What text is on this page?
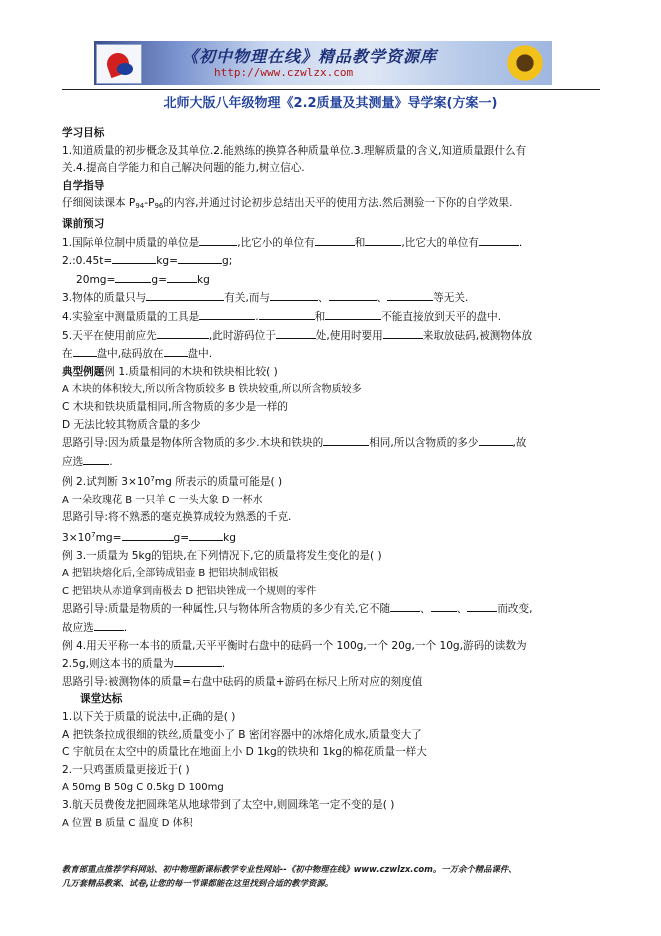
《初中物理在线》精品教学资源库
http://www.czwlzx.com
北师大版八年级物理《2.2质量及其测量》导学案(方案一)
学习目标
1.知道质量的初步概念及其单位.2.能熟练的换算各种质量单位.3.理解质量的含义,知道质量跟什么有
关.4.提高自学能力和自己解决问题的能力,树立信心.
自学指导
仔细阅读课本 $P_{94}-P_{96}$的内容,并通过讨论初步总结出天平的使用方法.然后测验一下你的自学效果.
课前预习
1.国际单位制中质量的单位是	,比它小的单位有	和	,比它大的单位有	.
2.:0.45t=	kg=	g;
20mg=	g=	kg
3.物体的质量只与	有关,而与	、	、	等无关.
4.实验室中测量质量的工具是	.	和	不能直接放到天平的盘中.
5.天平在使用前应先	,此时游码位于	处,使用时要用	来取放砝码,被测物体放
在 盘中,砝码放在 盘中.
典型例题例 1.质量相同的木块和铁块相比较( )
A 木块的体积较大,所以所含物质较多 B 铁块较重,所以所含物质较多
C 木块和铁块质量相同,所含物质的多少是一样的
D 无法比较其物质含量的多少
思路引导:因为质量是物体所含物质的多少.木块和铁块的	相同,所以含物质的多少	,故
应选 .
例 2.试判断 $3\times 10^7mg$ 所表示的质量可能是( )
A 一朵玫瑰花 B 一只羊 C 一头大象 D 一杯水
思路引导:将不熟悉的毫克换算成较为熟悉的千克.
$3\times 10^7mg=$	g=	kg
例 3.一质量为 5kg的铝块,在下列情况下,它的质量将发生变化的是( )
A 把铝块熔化后,全部铸成铝壶 B 把铝块制成铝板
C 把铝块从赤道拿到南极去 D 把铝块锉成一个规则的零件
思路引导:质量是物质的一种属性,只与物体所含物质的多少有关,它不随	、 、	而改变,
故应选	.
例 4.用天平称一本书的质量,天平平衡时右盘中的砝码一个 100g,一个 20g,一个 10g,游码的读数为
2.5g,则这本书的质量为	.
思路引导:被测物体的质量=右盘中砝码的质量+游码在标尺上所对应的刻度值
课堂达标
1.以下关于质量的说法中,正确的是( )
A 把铁条拉成很细的铁丝,质量变小了 B 密闭容器中的冰熔化成水,质量变大了
C 宇航员在太空中的质量比在地面上小 D 1kg的铁块和 1kg的棉花质量一样大
2.一只鸡蛋质量更接近于( )
A 50mg B 50g C 0.5kg D 100mg
3.航天员费俊龙把圆珠笔从地球带到了太空中,则圆珠笔一定不变的是( )
A 位置 B 质量 C 温度 D 体积
教育部重点推荐学科网站、初中物理新课标教学专业性网站--《初中物理在线》www.czwlzx.com。一万余个精品课件、
几万套精品教案、试卷,让您的每一节课都能在这里找到合适的教学资源。
